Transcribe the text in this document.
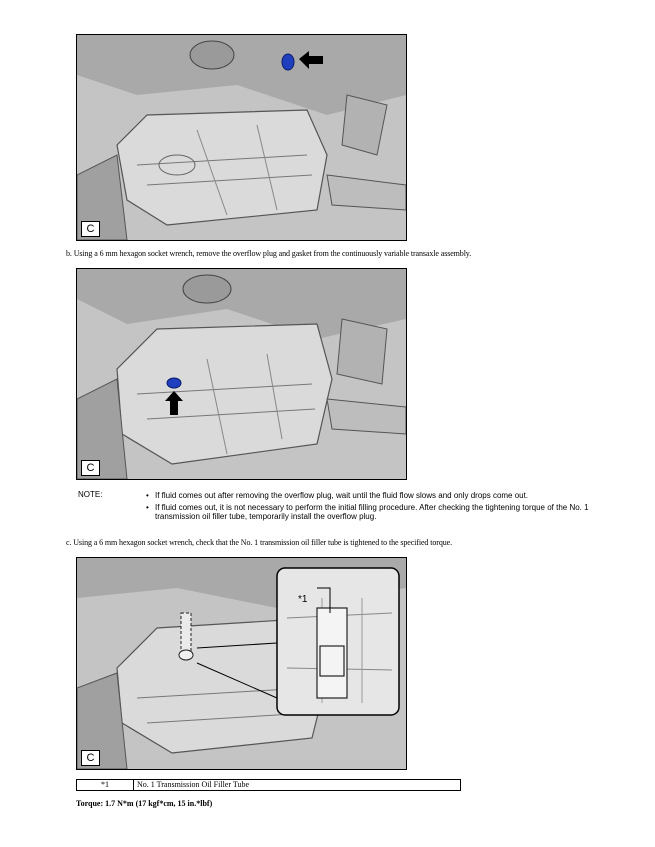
C
b. Using a 6 mm hexagon socket wrench, remove the overflow plug and gasket from the continuously variable transaxle assembly.
C
NOTE:
•	If fluid comes out after removing the overflow plug, wait until the fluid flow slows and only drops come out.
• If fluid comes out, it is not necessary to perform the initial filling procedure. After checking the tightening torque of the No. 1 transmission oil filler tube, temporarily install the overflow plug.
c. Using a 6 mm hexagon socket wrench, check that the No. 1 transmission oil filler tube is tightened to the specified torque.
*1
C
*1	No. 1 Transmission Oil Filler Tube
Torque: 1.7 N*m (17 kgf*cm, 15 in.*lbf)
